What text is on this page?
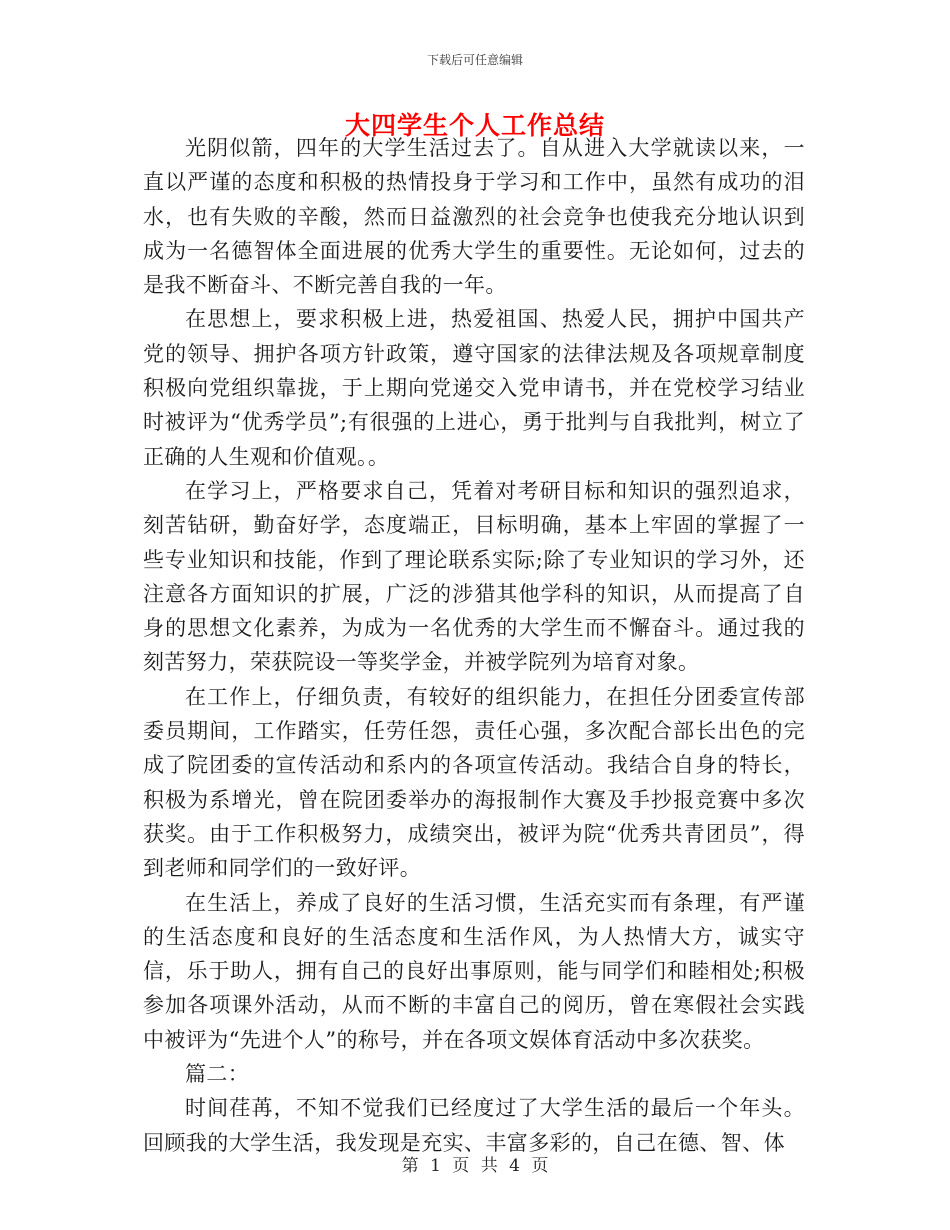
下载后可任意编辑
大四学生个人工作总结

光阴似箭，四年的大学生活过去了。自从进入大学就读以来，一直以严谨的态度和积极的热情投身于学习和工作中，虽然有成功的泪水，也有失败的辛酸，然而日益激烈的社会竞争也使我充分地认识到成为一名德智体全面进展的优秀大学生的重要性。无论如何，过去的是我不断奋斗、不断完善自我的一年。

在思想上，要求积极上进，热爱祖国、热爱人民，拥护中国共产党的领导、拥护各项方针政策，遵守国家的法律法规及各项规章制度积极向党组织靠拢，于上期向党递交入党申请书，并在党校学习结业时被评为“优秀学员”;有很强的上进心，勇于批判与自我批判，树立了正确的人生观和价值观。。

在学习上，严格要求自己，凭着对考研目标和知识的强烈追求，刻苦钻研，勤奋好学，态度端正，目标明确，基本上牢固的掌握了一些专业知识和技能，作到了理论联系实际;除了专业知识的学习外，还注意各方面知识的扩展，广泛的涉猎其他学科的知识，从而提高了自身的思想文化素养，为成为一名优秀的大学生而不懈奋斗。通过我的刻苦努力，荣获院设一等奖学金，并被学院列为培育对象。

在工作上，仔细负责，有较好的组织能力，在担任分团委宣传部委员期间，工作踏实，任劳任怨，责任心强，多次配合部长出色的完成了院团委的宣传活动和系内的各项宣传活动。我结合自身的特长，积极为系增光，曾在院团委举办的海报制作大赛及手抄报竞赛中多次获奖。由于工作积极努力，成绩突出，被评为院“优秀共青团员”，得到老师和同学们的一致好评。

在生活上，养成了良好的生活习惯，生活充实而有条理，有严谨的生活态度和良好的生活态度和生活作风，为人热情大方，诚实守信，乐于助人，拥有自己的良好出事原则，能与同学们和睦相处;积极参加各项课外活动，从而不断的丰富自己的阅历，曾在寒假社会实践中被评为“先进个人”的称号，并在各项文娱体育活动中多次获奖。

篇二：

时间荏苒，不知不觉我们已经度过了大学生活的最后一个年头。回顾我的大学生活，我发现是充实、丰富多彩的，自己在德、智、体

第 1 页 共 4 页
